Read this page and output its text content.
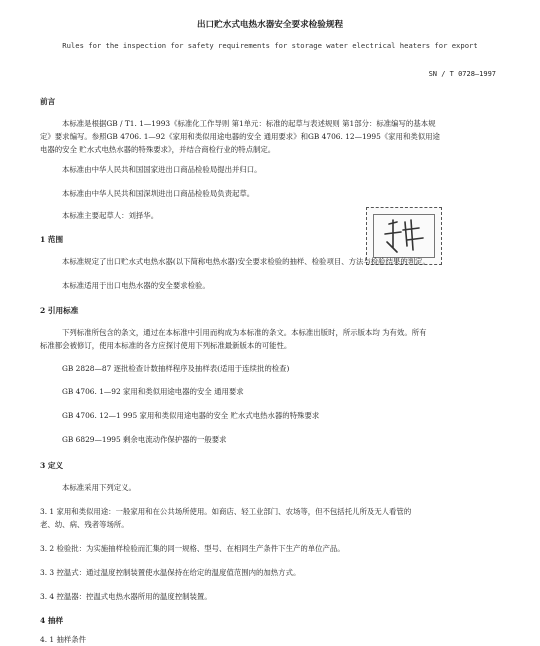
出口贮水式电热水器安全要求检验规程
Rules for the inspection for safety requirements for storage water electrical heaters for export
SN / T 0728—1997
前言
本标准是根据GB / T1. 1—1993《标准化工作导则 第1单元：标准的起草与表述规则 第1部分：标准编写的基本规
定》要求编写。参照GB 4706. 1—92《家用和类似用途电器的安全 通用要求》和GB 4706. 12—1995《家用和类似用途
电器的安全 贮水式电热水器的特殊要求》，并结合商检行业的特点制定。
本标准由中华人民共和国国家进出口商品检验局提出并归口。
本标准由中华人民共和国深圳进出口商品检验局负责起草。
本标准主要起草人：刘择华。
1 范围
本标准规定了出口贮水式电热水器(以下简称电热水器)安全要求检验的抽样、检验项目、方法与检验结果的判定。
本标准适用于出口电热水器的安全要求检验。
2 引用标准
下列标准所包含的条文，通过在本标准中引用而构成为本标准的条文。本标准出版时，所示版本均 为有效。所有
标准都会被修订，使用本标准的各方应探讨使用下列标准最新版本的可能性。
GB 2828—87 逐批检查计数抽样程序及抽样表(适用于连续批的检查)
GB 4706. 1—92 家用和类似用途电器的安全 通用要求
GB 4706. 12—1 995 家用和类似用途电器的安全 贮水式电热水器的特殊要求
GB 6829—1995 剩余电流动作保护器的一般要求
3 定义
本标准采用下列定义。
3. 1 家用和类似用途：一般家用和在公共场所使用。如商店、轻工业部门、农场等，但不包括托儿所及无人看管的
老、幼、病、残者等场所。
3. 2 检验批：为实施抽样检验而汇集的同一规格、型号、在相同生产条件下生产的单位产品。
3. 3 控温式：通过温度控制装置使水温保持在给定的温度值范围内的加热方式。
3. 4 控温器：控温式电热水器所用的温度控制装置。
4 抽样
4. 1 抽样条件
